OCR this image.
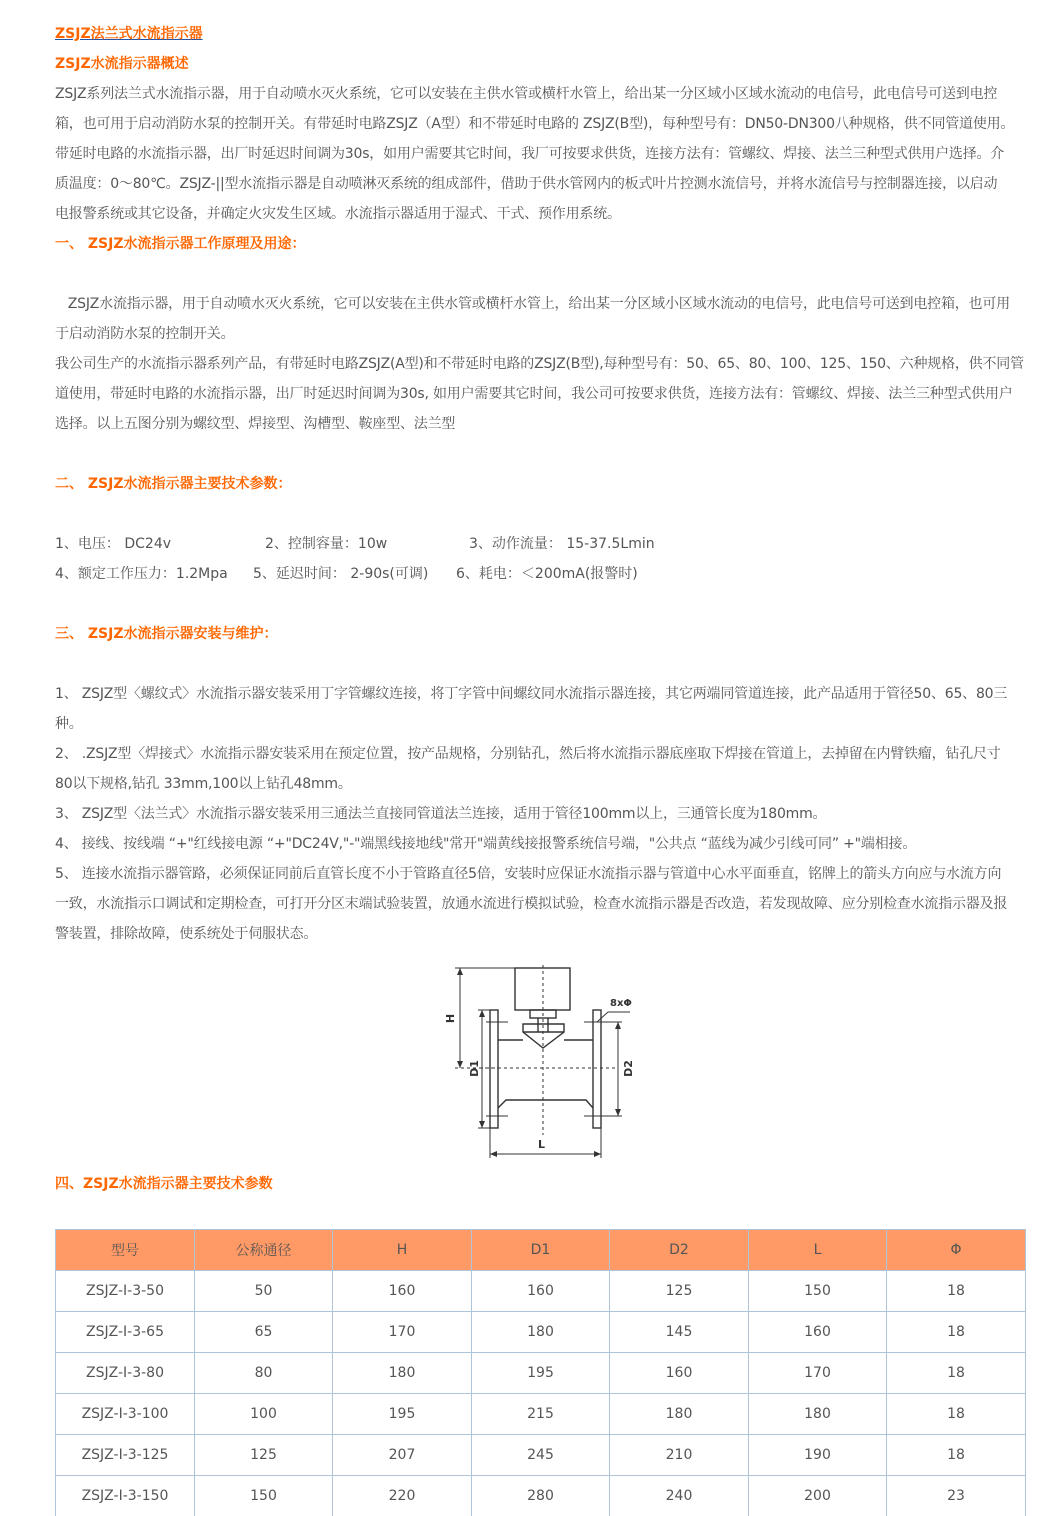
ZSJZ法兰式水流指示器
ZSJZ水流指示器概述
ZSJZ系列法兰式水流指示器，用于自动喷水灭火系统，它可以安装在主供水管或横杆水管上，给出某一分区域小区域水流动的电信号，此电信号可送到电控
箱，也可用于启动消防水泵的控制开关。有带延时电路ZSJZ（A型）和不带延时电路的 ZSJZ(B型)，每种型号有：DN50-DN300八种规格，供不同管道使用。
带延时电路的水流指示器，出厂时延迟时间调为30s，如用户需要其它时间，我厂可按要求供货，连接方法有：管螺纹、焊接、法兰三种型式供用户选择。介
质温度：0～80℃。ZSJZ-||型水流指示器是自动喷淋灭系统的组成部件，借助于供水管网内的板式叶片控测水流信号，并将水流信号与控制器连接，以启动
电报警系统或其它设备，并确定火灾发生区域。水流指示器适用于湿式、干式、预作用系统。
一、 ZSJZ水流指示器工作原理及用途：
ZSJZ水流指示器，用于自动喷水灭火系统，它可以安装在主供水管或横杆水管上，给出某一分区域小区域水流动的电信号，此电信号可送到电控箱，也可用
于启动消防水泵的控制开关。
我公司生产的水流指示器系列产品，有带延时电路ZSJZ(A型)和不带延时电路的ZSJZ(B型),每种型号有：50、65、80、100、125、150、六种规格，供不同管
道使用，带延时电路的水流指示器，出厂时延迟时间调为30s, 如用户需要其它时间，我公司可按要求供货，连接方法有：管螺纹、焊接、法兰三种型式供用户
选择。以上五图分别为螺纹型、焊接型、沟槽型、鞍座型、法兰型
二、 ZSJZ水流指示器主要技术参数：
1、电压： DC24v	2、控制容量：10w	3、动作流量： 15-37.5Lmin
4、额定工作压力：1.2Mpa 5、延迟时间： 2-90s(可调) 6、耗电：＜200mA(报警时)
三、 ZSJZ水流指示器安装与维护：
1、 ZSJZ型〈螺纹式〉水流指示器安装采用丁字管螺纹连接，将丁字管中间螺纹同水流指示器连接，其它两端同管道连接，此产品适用于管径50、65、80三
种。
2、 .ZSJZ型〈焊接式〉水流指示器安装采用在预定位置，按产品规格，分别钻孔，然后将水流指示器底座取下焊接在管道上，去掉留在内臂铁瘤，钻孔尺寸
80以下规格,钻孔 33mm,100以上钻孔48mm。
3、 ZSJZ型〈法兰式〉水流指示器安装采用三通法兰直接同管道法兰连接，适用于管径100mm以上，三通管长度为180mm。
4、 接线、按线端 “+"红线接电源 “+"DC24V,"-"端黑线接地线"常开"端黄线接报警系统信号端，"公共点 “蓝线为减少引线可同” +"端相接。
5、 连接水流指示器管路，必须保证同前后直管长度不小于管路直径5倍，安装时应保证水流指示器与管道中心水平面垂直，铭牌上的箭头方向应与水流方向
一致，水流指示口调试和定期检查，可打开分区末端试验装置，放通水流进行模拟试验，检查水流指示器是否改造，若发现故障、应分别检查水流指示器及报
警装置，排除故障，使系统处于伺服状态。
H
D1	D2
L
8xΦ
四、ZSJZ水流指示器主要技术参数
型号	公称通径	H	D1	D2	L	Φ
ZSJZ-I-3-50	50	160	160	125	150	18
ZSJZ-I-3-65	65	170	180	145	160	18
ZSJZ-I-3-80	80	180	195	160	170	18
ZSJZ-I-3-100	100	195	215	180	180	18
ZSJZ-I-3-125	125	207	245	210	190	18
ZSJZ-I-3-150	150	220	280	240	200	23
